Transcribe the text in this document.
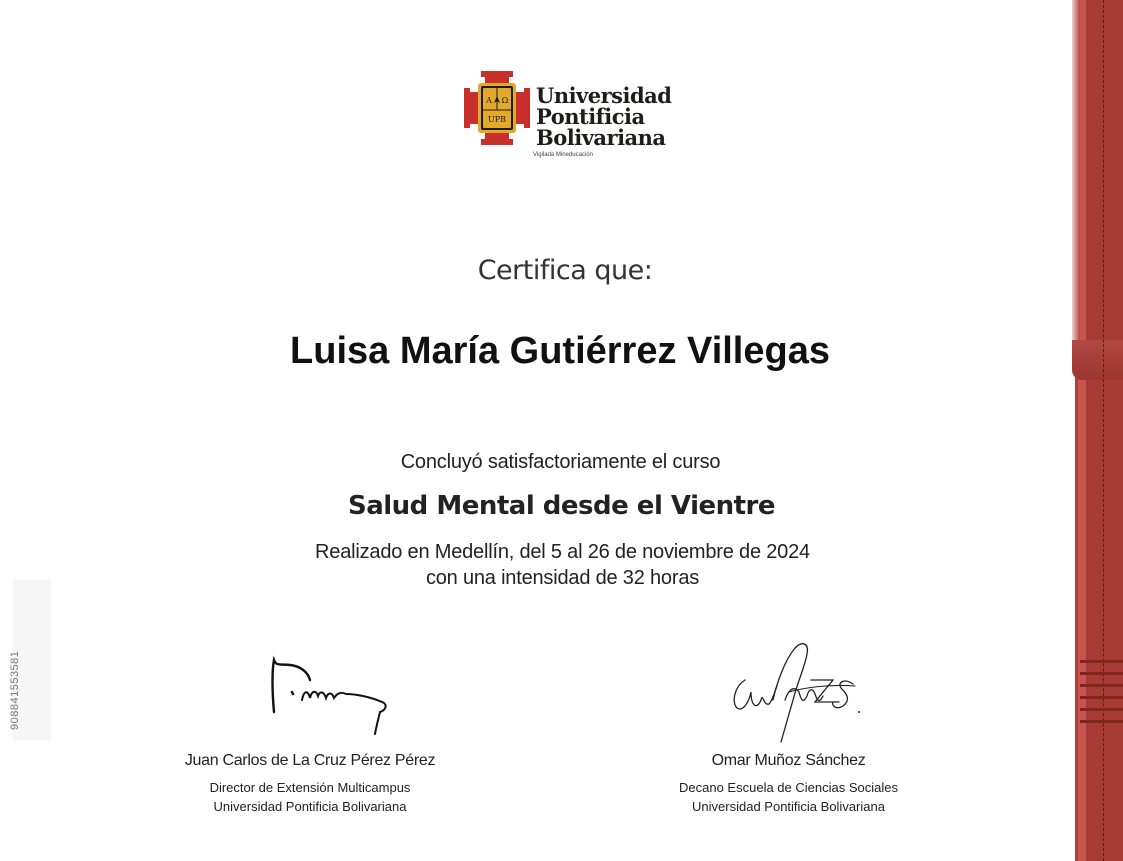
Α Ω
UPB
Universidad
Pontificia
Bolivariana
Vigilada Mineducación
Certifica que:
Luisa María Gutiérrez Villegas
Concluyó satisfactoriamente el curso
Salud Mental desde el Vientre
Realizado en Medellín, del 5 al 26 de noviembre de 2024
con una intensidad de 32 horas
908841553581
Juan Carlos de La Cruz Pérez Pérez
Director de Extensión Multicampus
Universidad Pontificia Bolivariana
Omar Muñoz Sánchez
Decano Escuela de Ciencias Sociales
Universidad Pontificia Bolivariana
